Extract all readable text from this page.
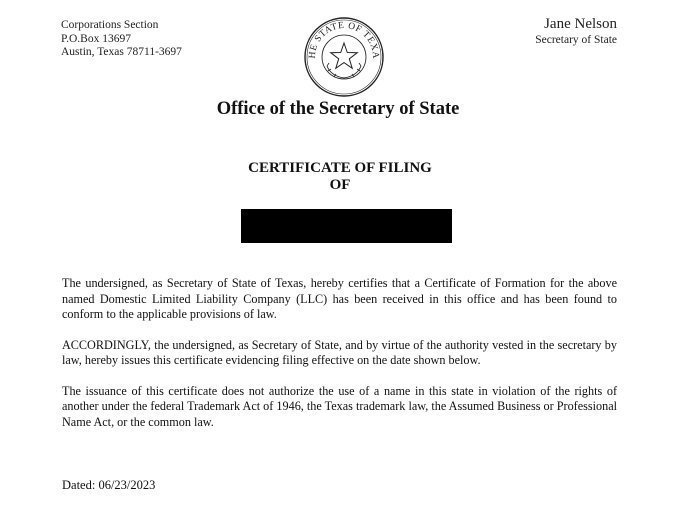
Corporations Section
P.O.Box 13697
Austin, Texas 78711-3697	HE STATE OF TEXA
Jane Nelson
Secretary of State
Office of the Secretary of State
CERTIFICATE OF FILING
OF

The undersigned, as Secretary of State of Texas, hereby certifies that a Certificate of Formation for the above named Domestic Limited Liability Company (LLC) has been received in this office and has been found to conform to the applicable provisions of law.

ACCORDINGLY, the undersigned, as Secretary of State, and by virtue of the authority vested in the secretary by law, hereby issues this certificate evidencing filing effective on the date shown below.

The issuance of this certificate does not authorize the use of a name in this state in violation of the rights of another under the federal Trademark Act of 1946, the Texas trademark law, the Assumed Business or Professional Name Act, or the common law.

Dated: 06/23/2023
